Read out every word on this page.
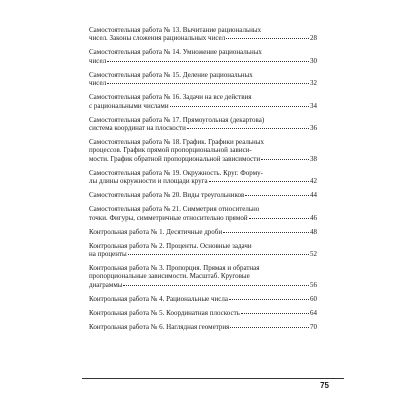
Самостоятельная работа № 13. Вычитание рациональных
чисел. Законы сложения рациональных чисел	28
Самостоятельная работа № 14. Умножение рациональных
чисел	30
Самостоятельная работа № 15. Деление рациональных
чисел	32
Самостоятельная работа № 16. Задачи на все действия
с рациональными числами	34
Самостоятельная работа № 17. Прямоугольная (декартова)
система координат на плоскости	36
Самостоятельная работа № 18. График. Графики реальных
процессов. График прямой пропорциональной зависи-
мости. График обратной пропорциональной зависимости	38
Самостоятельная работа № 19. Окружность. Круг. Форму-
лы длины окружности и площади круга	42
Самостоятельная работа № 20. Виды треугольников	44
Самостоятельная работа № 21. Симметрия относительно
точки. Фигуры, симметричные относительно прямой	46
Контрольная работа № 1. Десятичные дроби	48
Контрольная работа № 2. Проценты. Основные задачи
на проценты	52
Контрольная работа № 3. Пропорция. Прямая и обратная
пропорциональные зависимости. Масштаб. Круговые
диаграммы	56
Контрольная работа № 4. Рациональные числа	60
Контрольная работа № 5. Координатная плоскость	64
Контрольная работа № 6. Наглядная геометрия	70
75
